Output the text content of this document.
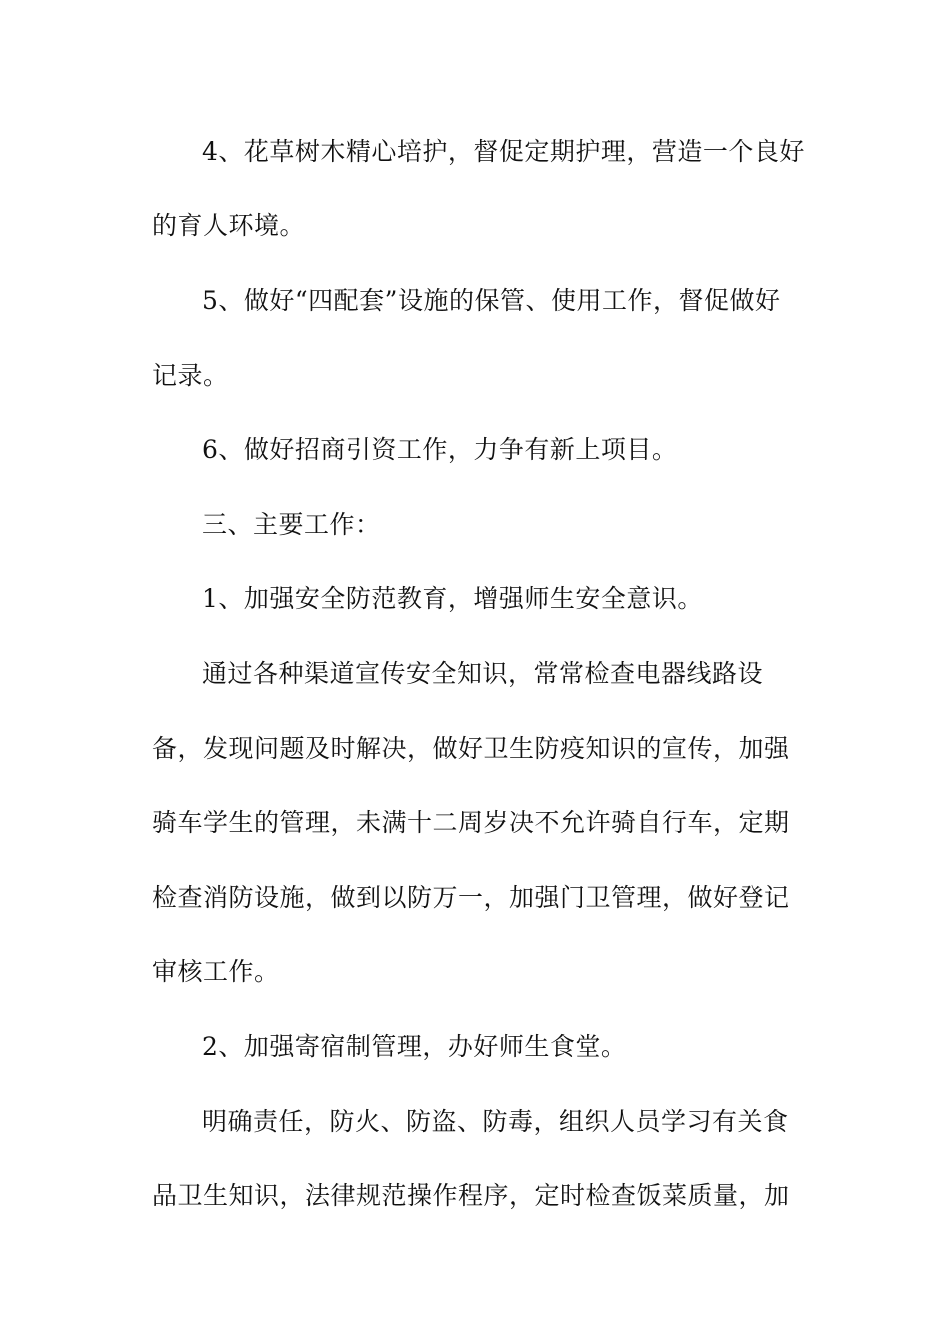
4、花草树木精心培护，督促定期护理，营造一个良好
的育人环境。
5、做好“四配套”设施的保管、使用工作，督促做好
记录。
6、做好招商引资工作，力争有新上项目。
三、主要工作：
1、加强安全防范教育，增强师生安全意识。
通过各种渠道宣传安全知识，常常检查电器线路设
备，发现问题及时解决，做好卫生防疫知识的宣传，加强
骑车学生的管理，未满十二周岁决不允许骑自行车，定期
检查消防设施，做到以防万一，加强门卫管理，做好登记
审核工作。
2、加强寄宿制管理，办好师生食堂。
明确责任，防火、防盗、防毒，组织人员学习有关食
品卫生知识，法律规范操作程序，定时检查饭菜质量，加
